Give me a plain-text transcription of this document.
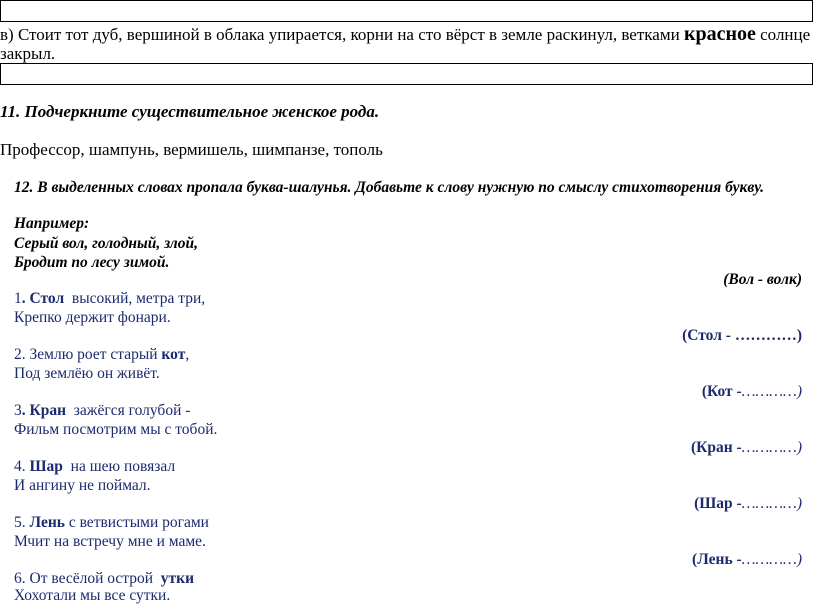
в) Стоит тот дуб, вершиной в облака упирается, корни на сто вёрст в земле раскинул, ветками красное солнце
закрыл.
11. Подчеркните существительное женское рода.
Профессор, шампунь, вермишель, шимпанзе, тополь
12. В выделенных словах пропала буква-шалунья. Добавьте к слову нужную по смыслу стихотворения букву.
Например:
Серый вол, голодный, злой,
Бродит по лесу зимой.
(Вол - волк)
1. Стол  высокий, метра три,
Крепко держит фонари.
(Стол - …………)
2. Землю роет старый кот,
Под землёю он живёт.
(Кот -…………)
3. Кран  зажёгся голубой -
Фильм посмотрим мы с тобой.
(Кран -…………)
4. Шар  на шею повязал
И ангину не поймал.
(Шар -…………)
5. Лень с ветвистыми рогами
Мчит на встречу мне и маме.
(Лень -…………)
6. От весёлой острой  утки
Хохотали мы все сутки.
